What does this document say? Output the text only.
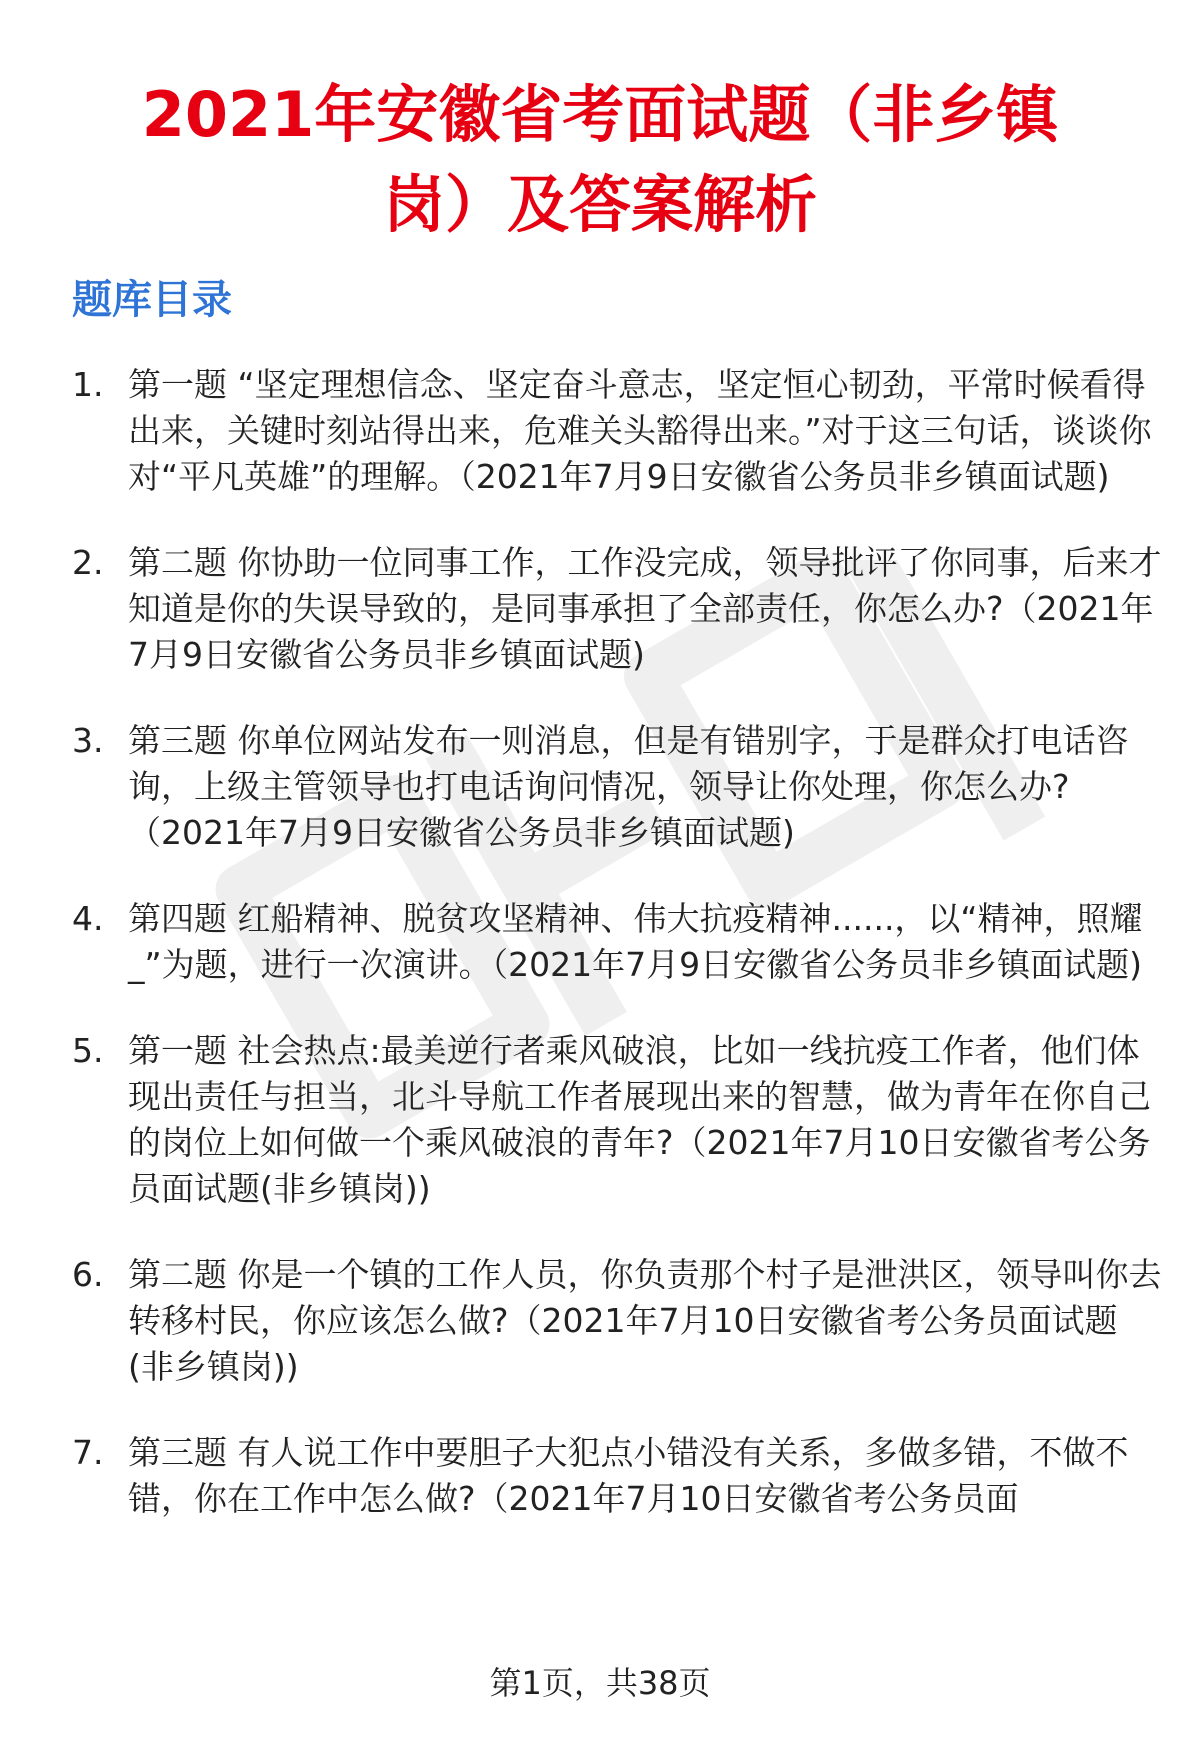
2021年安徽省考面试题（非乡镇
岗）及答案解析
题库目录
1. 第一题 “坚定理想信念、坚定奋斗意志，坚定恒心韧劲，平常时候看得出来，关键时刻站得出来，危难关头豁得出来。”对于这三句话，谈谈你对“平凡英雄”的理解。（2021年7月9日安徽省公务员非乡镇面试题)
2. 第二题 你协助一位同事工作，工作没完成，领导批评了你同事，后来才知道是你的失误导致的，是同事承担了全部责任，你怎么办?（2021年7月9日安徽省公务员非乡镇面试题)
3. 第三题 你单位网站发布一则消息，但是有错别字，于是群众打电话咨询，上级主管领导也打电话询问情况，领导让你处理，你怎么办?（2021年7月9日安徽省公务员非乡镇面试题)
4. 第四题 红船精神、脱贫攻坚精神、伟大抗疫精神......，以“精神，照耀_”为题，进行一次演讲。（2021年7月9日安徽省公务员非乡镇面试题)
5. 第一题 社会热点:最美逆行者乘风破浪，比如一线抗疫工作者，他们体现出责任与担当，北斗导航工作者展现出来的智慧，做为青年在你自己的岗位上如何做一个乘风破浪的青年?（2021年7月10日安徽省考公务员面试题(非乡镇岗))
6. 第二题 你是一个镇的工作人员，你负责那个村子是泄洪区，领导叫你去转移村民，你应该怎么做?（2021年7月10日安徽省考公务员面试题(非乡镇岗))
7. 第三题 有人说工作中要胆子大犯点小错没有关系，多做多错，不做不错，你在工作中怎么做?（2021年7月10日安徽省考公务员面
第1页，共38页
